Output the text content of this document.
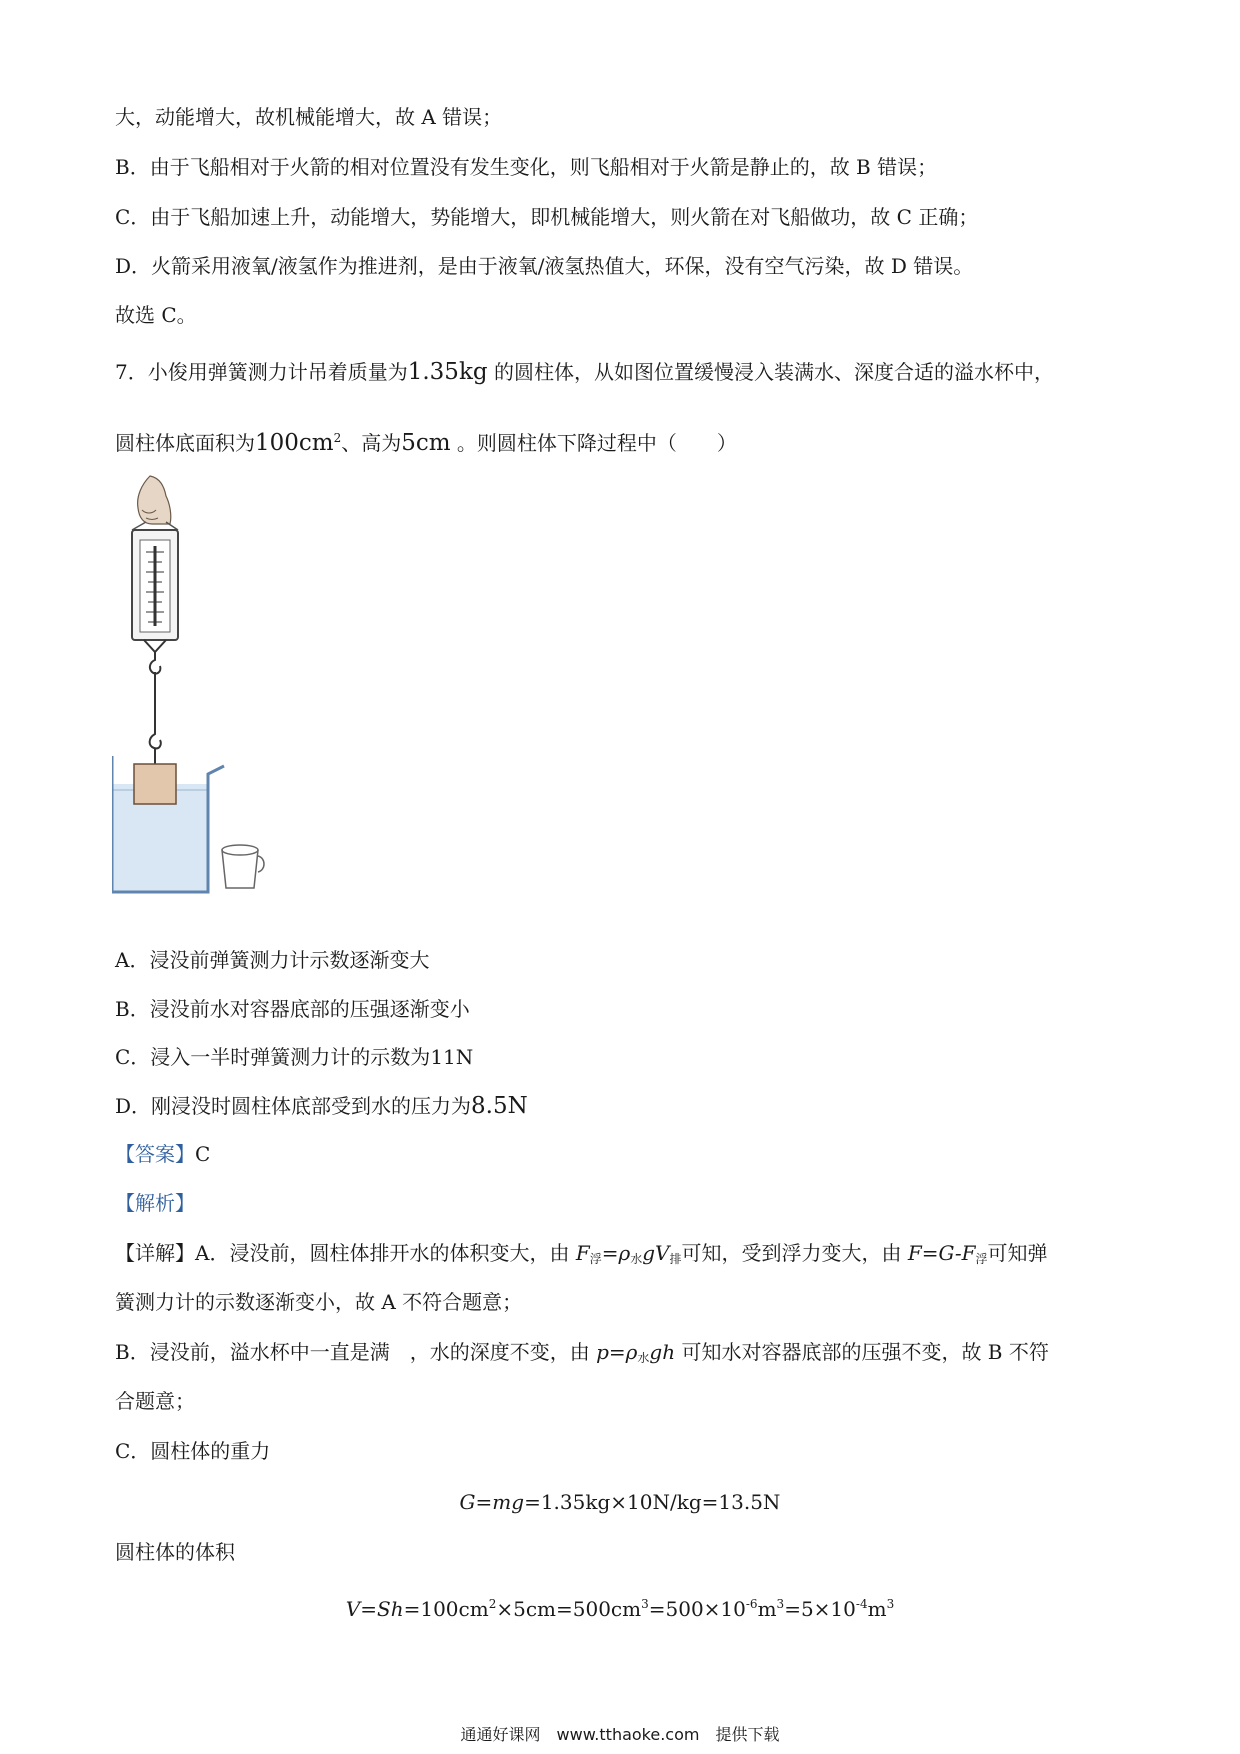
大，动能增大，故机械能增大，故 A 错误；
B．由于飞船相对于火箭的相对位置没有发生变化，则飞船相对于火箭是静止的，故 B 错误；
C．由于飞船加速上升，动能增大，势能增大，即机械能增大，则火箭在对飞船做功，故 C 正确；
D．火箭采用液氧/液氢作为推进剂，是由于液氧/液氢热值大，环保，没有空气污染，故 D 错误。
故选 C。
7．小俊用弹簧测力计吊着质量为1.35kg 的圆柱体，从如图位置缓慢浸入装满水、深度合适的溢水杯中，
圆柱体底面积为$100cm^2$、高为5cm 。则圆柱体下降过程中（　　）
A．浸没前弹簧测力计示数逐渐变大
B．浸没前水对容器底部的压强逐渐变小
C．浸入一半时弹簧测力计的示数为11N
D．刚浸没时圆柱体底部受到水的压力为8.5N
【答案】C
【解析】
【详解】A．浸没前，圆柱体排开水的体积变大，由 $F_浮=\rho_水gV_排$可知，受到浮力变大，由 $F=G-F_浮$可知弹
簧测力计的示数逐渐变小，故 A 不符合题意；
B．浸没前，溢水杯中一直是满　，水的深度不变，由 $p=\rho_水gh$ 可知水对容器底部的压强不变，故 B 不符
合题意；
C．圆柱体的重力
G=mg=1.35kg×10N/kg=13.5N
圆柱体的体积
$V=Sh=100cm^2\times 5cm=500cm^3=500\times 10^{-6}m^3=5\times 10^{-4}m^3$
通通好课网　www.tthaoke.com　提供下载
